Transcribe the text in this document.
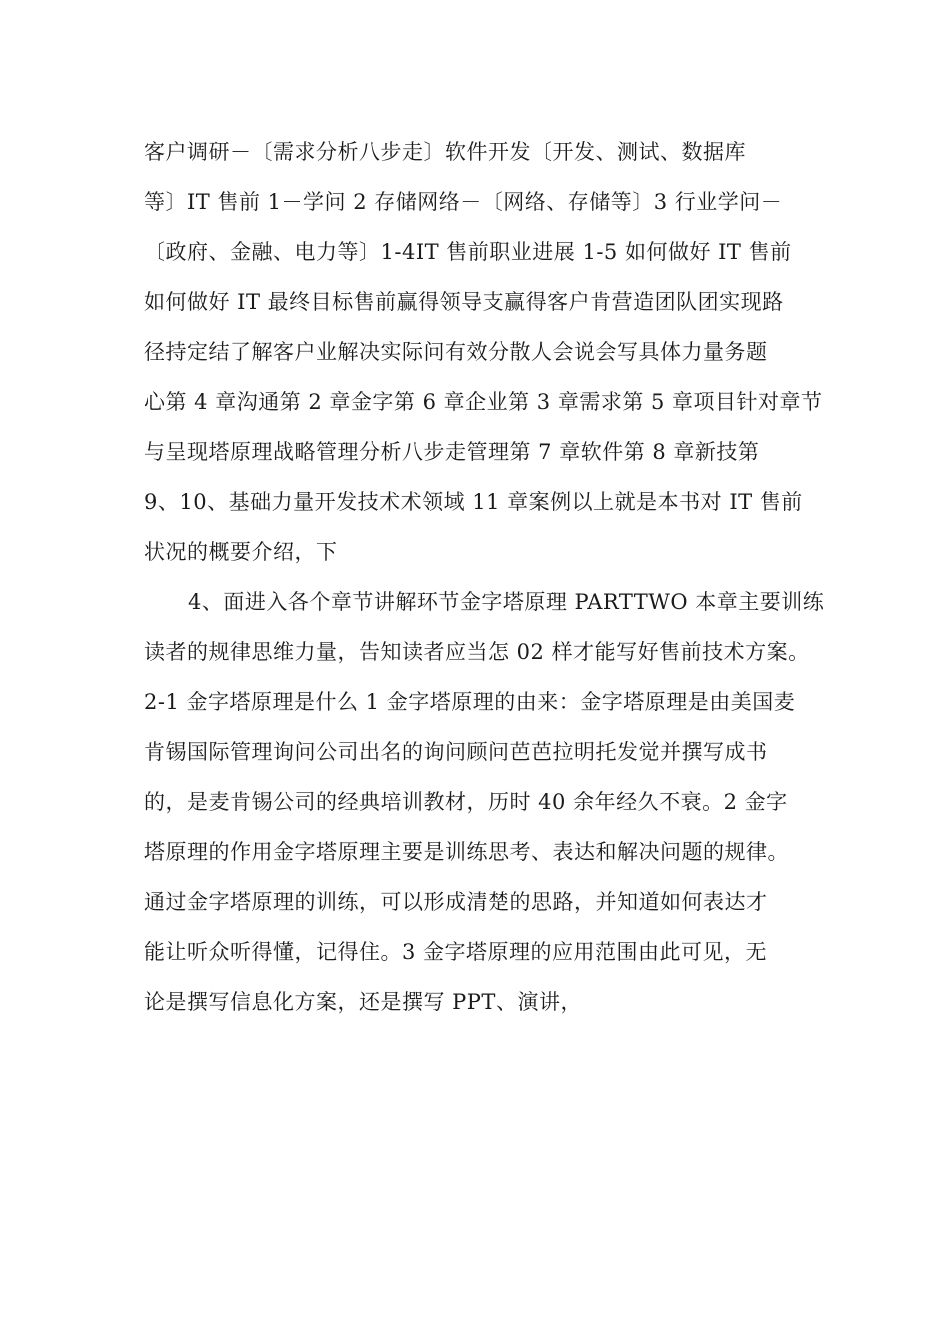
客户调研－〔需求分析八步走〕软件开发〔开发、测试、数据库
等〕IT 售前 1－学问 2 存储网络－〔网络、存储等〕3 行业学问－
〔政府、金融、电力等〕1-4IT 售前职业进展 1-5 如何做好 IT 售前
如何做好 IT 最终目标售前赢得领导支赢得客户肯营造团队团实现路
径持定结了解客户业解决实际问有效分散人会说会写具体力量务题
心第 4 章沟通第 2 章金字第 6 章企业第 3 章需求第 5 章项目针对章节
与呈现塔原理战略管理分析八步走管理第 7 章软件第 8 章新技第
9、10、基础力量开发技术术领域 11 章案例以上就是本书对 IT 售前
状况的概要介绍，下
4、面进入各个章节讲解环节金字塔原理 PARTTWO 本章主要训练
读者的规律思维力量，告知读者应当怎 02 样才能写好售前技术方案。
2-1 金字塔原理是什么 1 金字塔原理的由来：金字塔原理是由美国麦
肯锡国际管理询问公司出名的询问顾问芭芭拉明托发觉并撰写成书
的，是麦肯锡公司的经典培训教材，历时 40 余年经久不衰。2 金字
塔原理的作用金字塔原理主要是训练思考、表达和解决问题的规律。
通过金字塔原理的训练，可以形成清楚的思路，并知道如何表达才
能让听众听得懂，记得住。3 金字塔原理的应用范围由此可见，无
论是撰写信息化方案，还是撰写 PPT、演讲，
